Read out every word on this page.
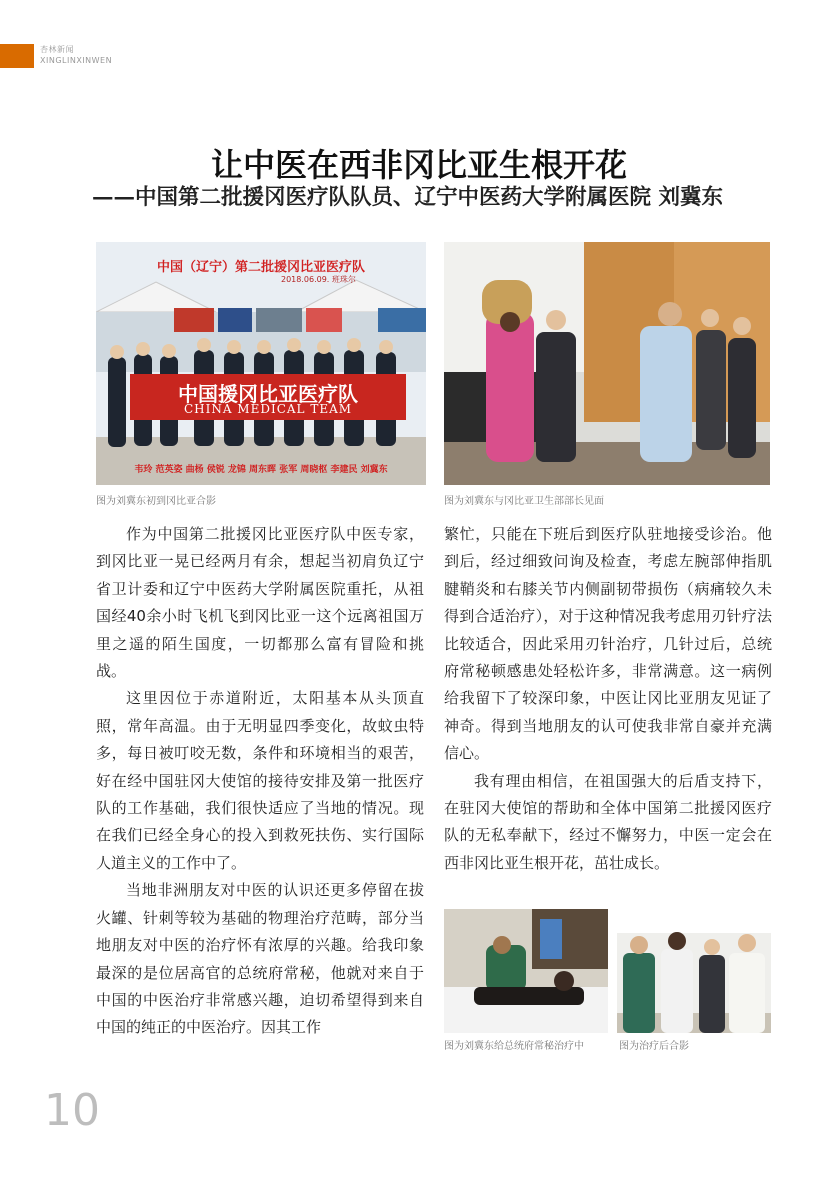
杏林新闻
XINGLINXINWEN
让中医在西非冈比亚生根开花
——中国第二批援冈医疗队队员、辽宁中医药大学附属医院 刘冀东
中国（辽宁）第二批援冈比亚医疗队
2018.06.09. 班珠尔
中国援冈比亚医疗队
CHINA MEDICAL TEAM
韦玲 范英姿 曲杨 侯锐 龙锦 周东晖 张军 周晓枢 李建民 刘冀东
图为刘冀东初到冈比亚合影	图为刘冀东与冈比亚卫生部部长见面

作为中国第二批援冈比亚医疗队中医专家，到冈比亚一晃已经两月有余，想起当初肩负辽宁省卫计委和辽宁中医药大学附属医院重托，从祖国经40余小时飞机飞到冈比亚一这个远离祖国万里之遥的陌生国度，一切都那么富有冒险和挑战。

这里因位于赤道附近，太阳基本从头顶直照，常年高温。由于无明显四季变化，故蚊虫特多，每日被叮咬无数，条件和环境相当的艰苦，好在经中国驻冈大使馆的接待安排及第一批医疗队的工作基础，我们很快适应了当地的情况。现在我们已经全身心的投入到救死扶伤、实行国际人道主义的工作中了。

当地非洲朋友对中医的认识还更多停留在拔火罐、针刺等较为基础的物理治疗范畴，部分当地朋友对中医的治疗怀有浓厚的兴趣。给我印象最深的是位居高官的总统府常秘，他就对来自于中国的中医治疗非常感兴趣，迫切希望得到来自中国的纯正的中医治疗。因其工作

繁忙，只能在下班后到医疗队驻地接受诊治。他到后，经过细致问询及检查，考虑左腕部伸指肌腱鞘炎和右膝关节内侧副韧带损伤（病痛较久未得到合适治疗），对于这种情况我考虑用刃针疗法比较适合，因此采用刃针治疗，几针过后，总统府常秘顿感患处轻松许多，非常满意。这一病例给我留下了较深印象，中医让冈比亚朋友见证了神奇。得到当地朋友的认可使我非常自豪并充满信心。

我有理由相信，在祖国强大的后盾支持下，在驻冈大使馆的帮助和全体中国第二批援冈医疗队的无私奉献下，经过不懈努力，中医一定会在西非冈比亚生根开花，茁壮成长。

图为刘冀东给总统府常秘治疗中	图为治疗后合影
10
